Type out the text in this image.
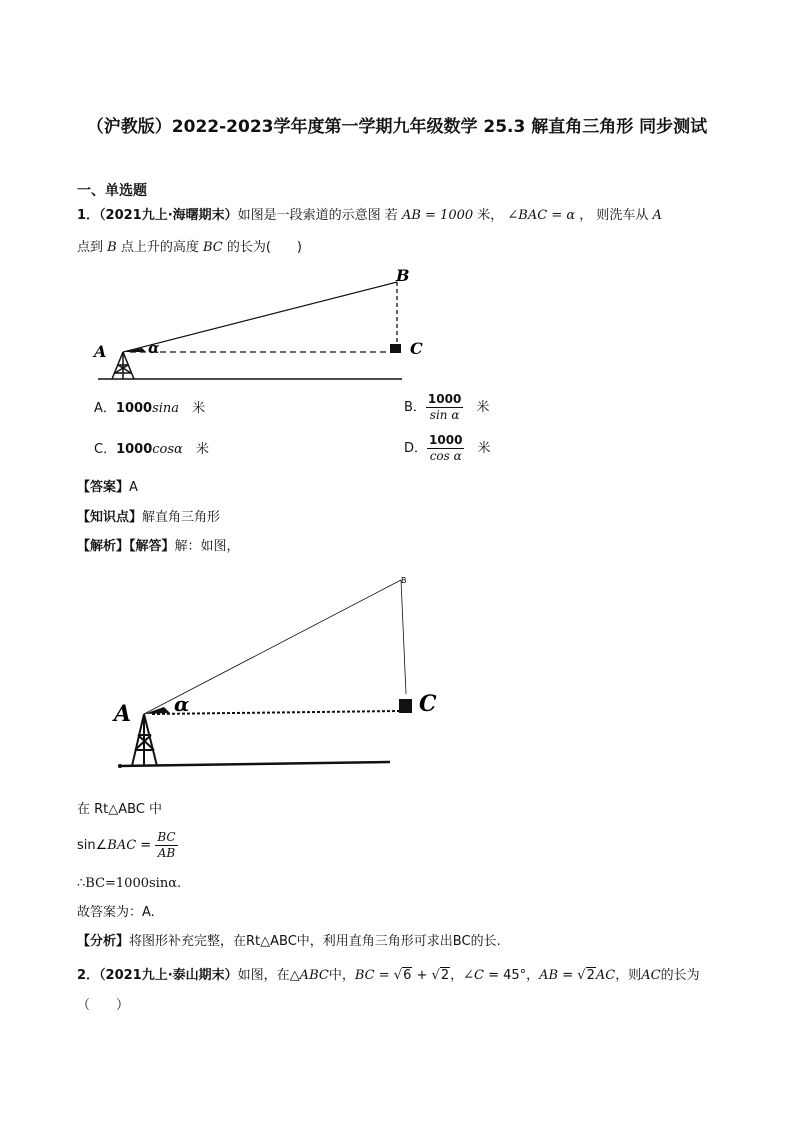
（沪教版）2022-2023学年度第一学期九年级数学 25.3 解直角三角形 同步测试
一、单选题
1．（2021九上·海曙期末）如图是一段索道的示意图 若 AB = 1000 米， ∠BAC = α ， 则洗车从 A
点到 B 点上升的高度 BC 的长为(　　)
A	α
B
C
A．1000sina　 米	B． $\frac{1000}{\text{sin α}}$
　 米
C．1000cosα　 米	D． $\frac{1000}{\text{cos α}}$
　 米
【答案】A
【知识点】解直角三角形
【解析】【解答】解：如图，
A α
B
C
在 Rt△ABC 中
sin∠BAC = $\frac{BC}{AB}$
∴BC=1000sinα.
故答案为：A.
【分析】将图形补充完整，在Rt△ABC中，利用直角三角形可求出BC的长.
2．（2021九上·泰山期末）如图，在△ABC中，BC = √6 + √2，∠C = 45°，AB = √2AC，则AC的长为
（　　）
